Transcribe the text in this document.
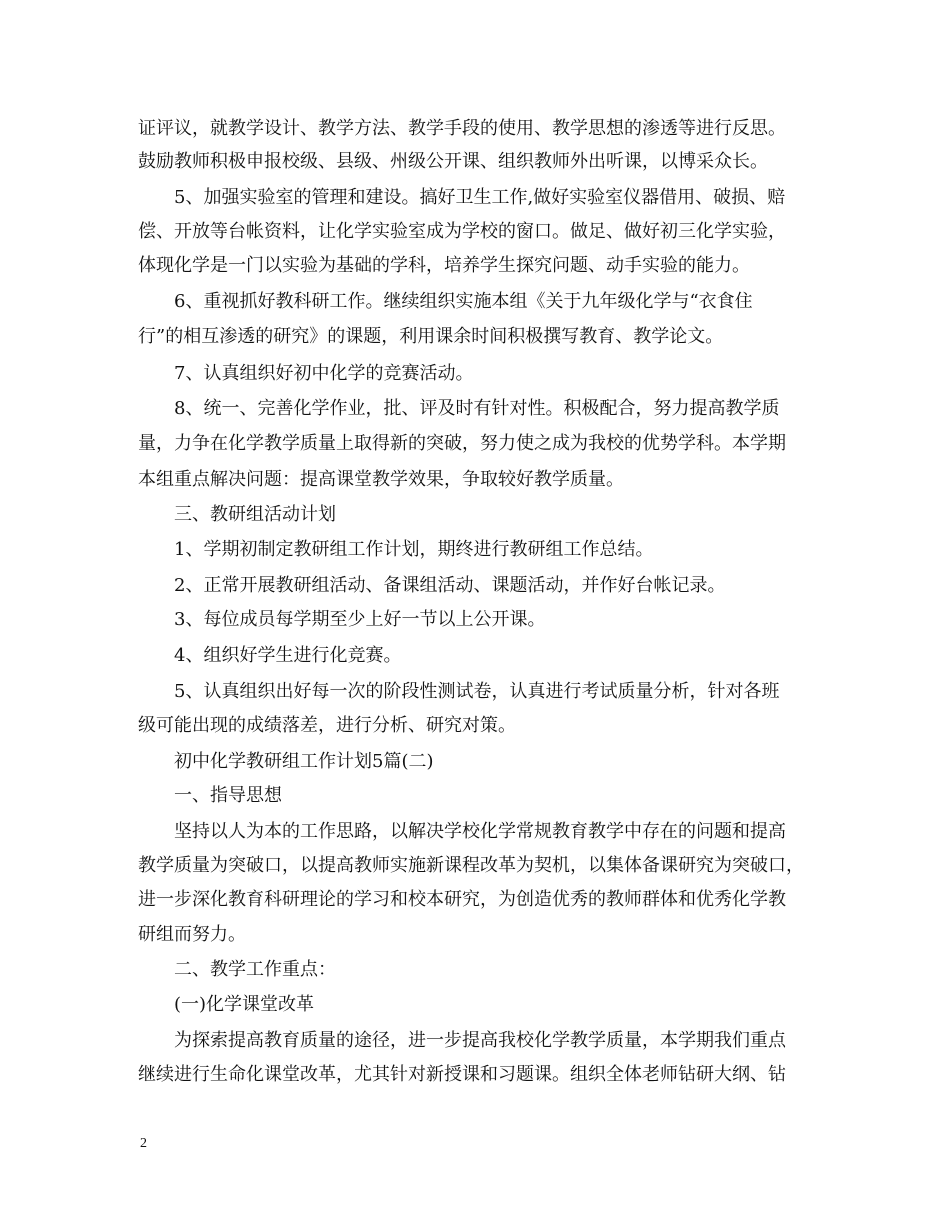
证评议，就教学设计、教学方法、教学手段的使用、教学思想的渗透等进行反思。
鼓励教师积极申报校级、县级、州级公开课、组织教师外出听课，以博采众长。
　　5、加强实验室的管理和建设。搞好卫生工作,做好实验室仪器借用、破损、赔
偿、开放等台帐资料，让化学实验室成为学校的窗口。做足、做好初三化学实验，
体现化学是一门以实验为基础的学科，培养学生探究问题、动手实验的能力。
　　6、重视抓好教科研工作。继续组织实施本组《关于九年级化学与“衣食住
行”的相互渗透的研究》的课题，利用课余时间积极撰写教育、教学论文。
　　7、认真组织好初中化学的竞赛活动。
　　8、统一、完善化学作业，批、评及时有针对性。积极配合，努力提高教学质
量，力争在化学教学质量上取得新的突破，努力使之成为我校的优势学科。本学期
本组重点解决问题：提高课堂教学效果，争取较好教学质量。
　　三、教研组活动计划
　　1、学期初制定教研组工作计划，期终进行教研组工作总结。
　　2、正常开展教研组活动、备课组活动、课题活动，并作好台帐记录。
　　3、每位成员每学期至少上好一节以上公开课。
　　4、组织好学生进行化竞赛。
　　5、认真组织出好每一次的阶段性测试卷，认真进行考试质量分析，针对各班
级可能出现的成绩落差，进行分析、研究对策。
　　初中化学教研组工作计划5篇(二)
　　一、指导思想
　　坚持以人为本的工作思路，以解决学校化学常规教育教学中存在的问题和提高
教学质量为突破口，以提高教师实施新课程改革为契机，以集体备课研究为突破口，
进一步深化教育科研理论的学习和校本研究，为创造优秀的教师群体和优秀化学教
研组而努力。
　　二、教学工作重点：
　　(一)化学课堂改革
　　为探索提高教育质量的途径，进一步提高我校化学教学质量，本学期我们重点
继续进行生命化课堂改革，尤其针对新授课和习题课。组织全体老师钻研大纲、钻
2
